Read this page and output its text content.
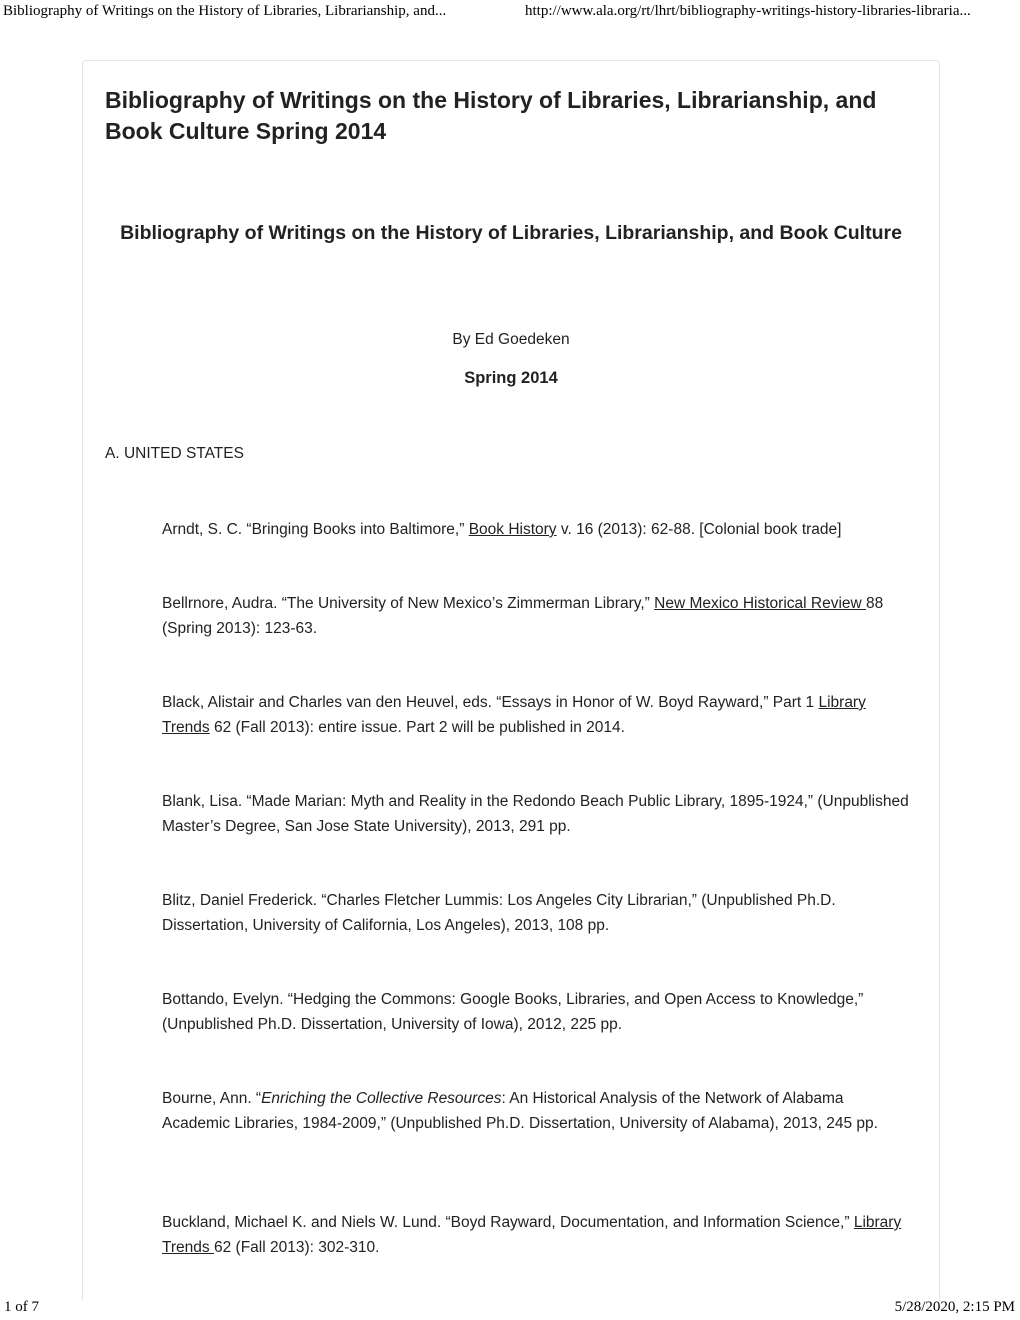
Bibliography of Writings on the History of Libraries, Librarianship, and...	http://www.ala.org/rt/lhrt/bibliography-writings-history-libraries-libraria...
Bibliography of Writings on the History of Libraries, Librarianship, and Book Culture Spring 2014
Bibliography of Writings on the History of Libraries, Librarianship, and Book Culture
By Ed Goedeken
Spring 2014
A. UNITED STATES

Arndt, S. C. “Bringing Books into Baltimore,” Book History v. 16 (2013): 62-88. [Colonial book trade]

Bellrnore, Audra. “The University of New Mexico’s Zimmerman Library,” New Mexico Historical Review 88 (Spring 2013): 123-63.

Black, Alistair and Charles van den Heuvel, eds. “Essays in Honor of W. Boyd Rayward,” Part 1 Library Trends 62 (Fall 2013): entire issue. Part 2 will be published in 2014.

Blank, Lisa. “Made Marian: Myth and Reality in the Redondo Beach Public Library, 1895-1924,” (Unpublished Master’s Degree, San Jose State University), 2013, 291 pp.

Blitz, Daniel Frederick. “Charles Fletcher Lummis: Los Angeles City Librarian,” (Unpublished Ph.D. Dissertation, University of California, Los Angeles), 2013, 108 pp.

Bottando, Evelyn. “Hedging the Commons: Google Books, Libraries, and Open Access to Knowledge,” (Unpublished Ph.D. Dissertation, University of Iowa), 2012, 225 pp.

Bourne, Ann. “Enriching the Collective Resources: An Historical Analysis of the Network of Alabama Academic Libraries, 1984-2009,” (Unpublished Ph.D. Dissertation, University of Alabama), 2013, 245 pp.

Buckland, Michael K. and Niels W. Lund. “Boyd Rayward, Documentation, and Information Science,” Library Trends 62 (Fall 2013): 302-310.

1 of 7	5/28/2020, 2:15 PM
